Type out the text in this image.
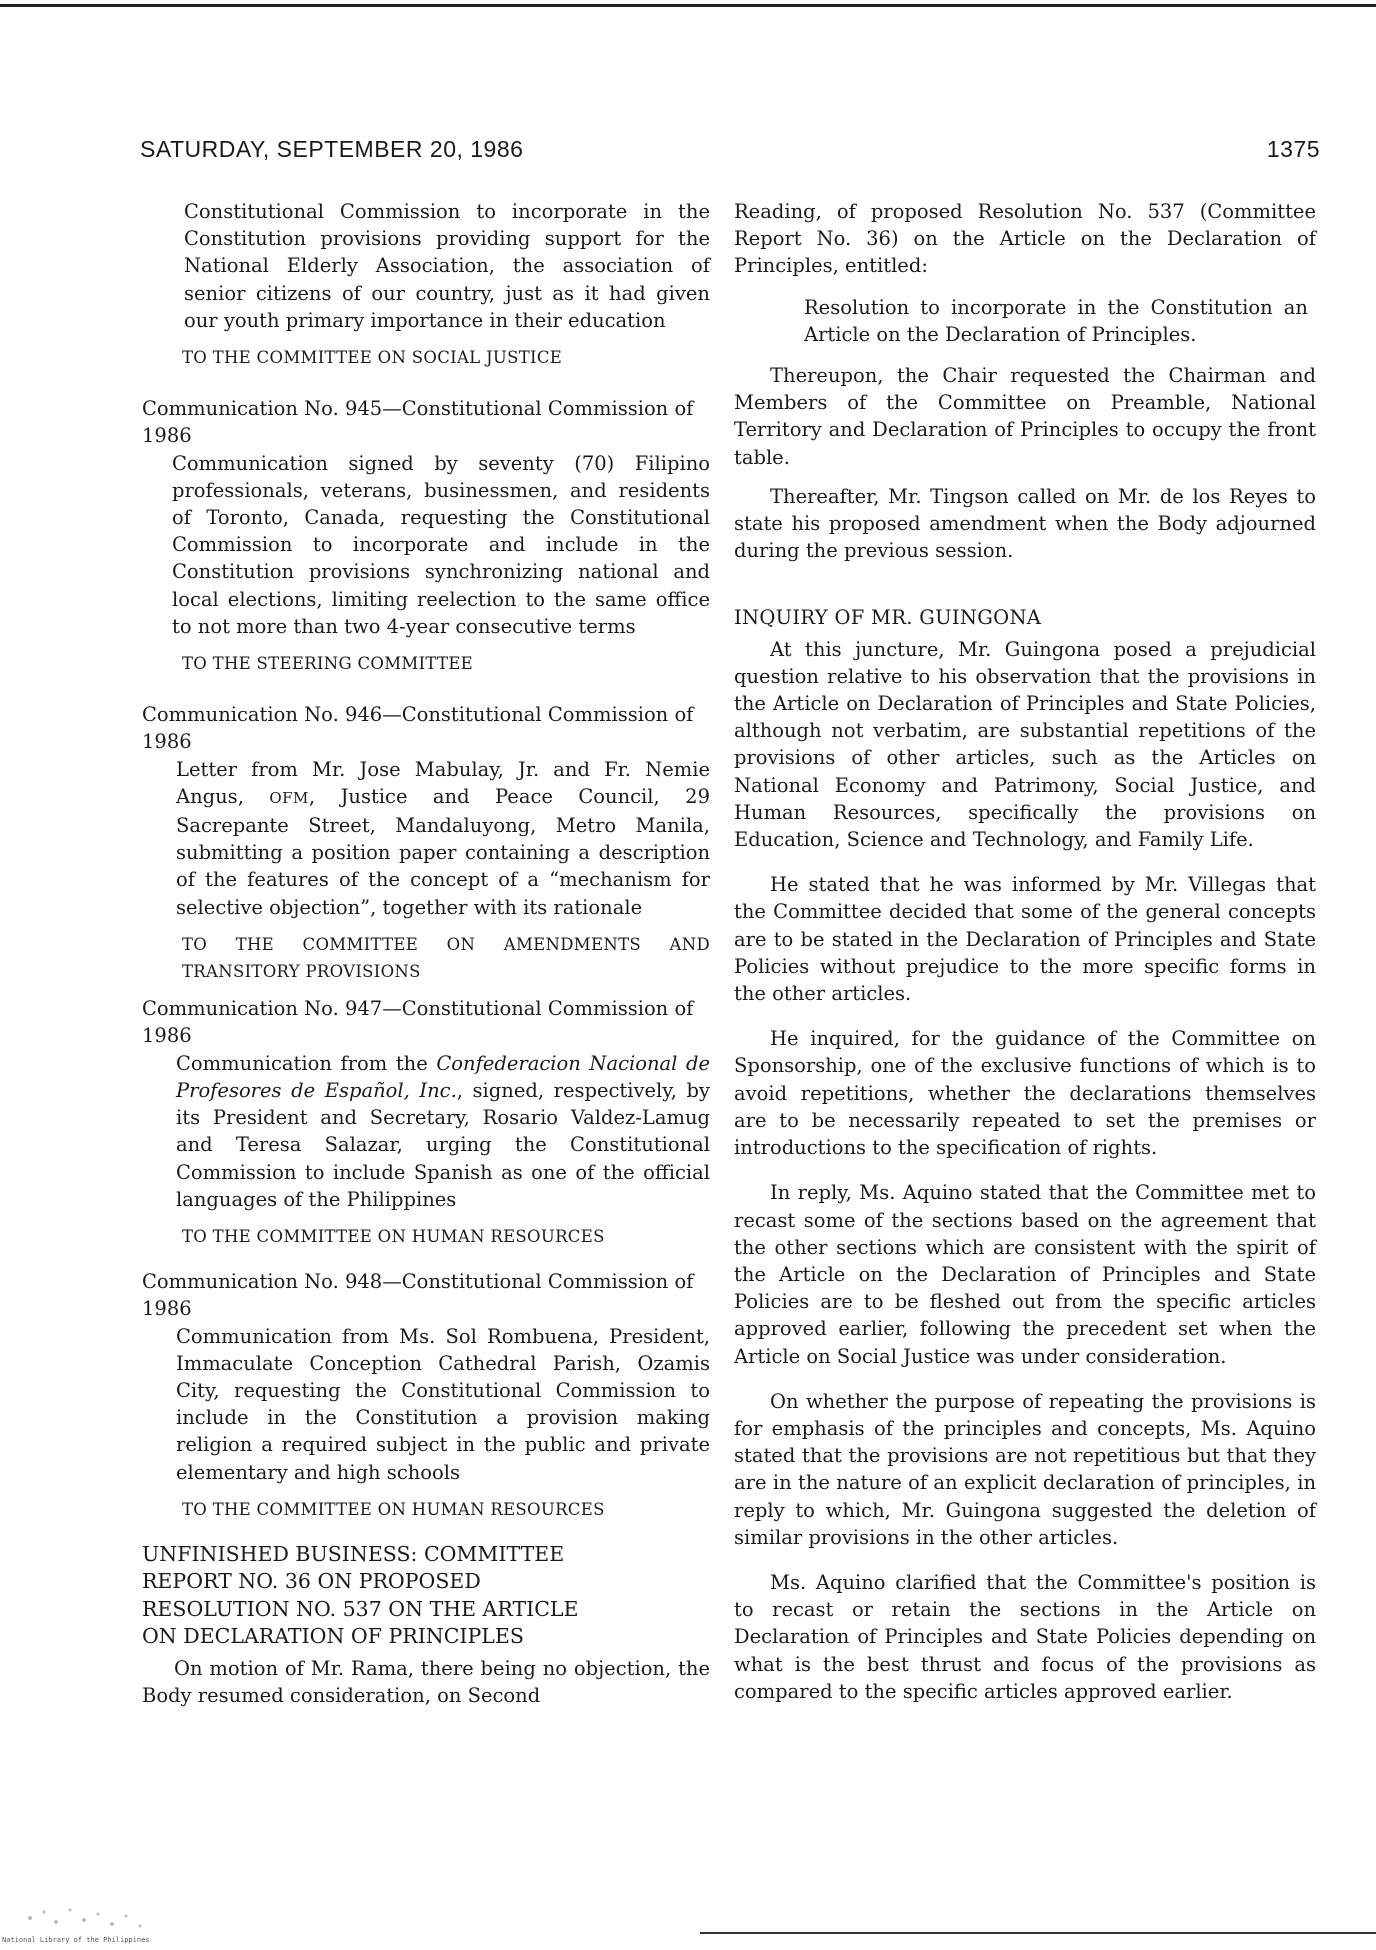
SATURDAY, SEPTEMBER 20, 1986	1375

Constitutional Commission to incorporate in the Constitution provisions providing support for the National Elderly Association, the association of senior citizens of our country, just as it had given our youth primary importance in their education

TO THE COMMITTEE ON SOCIAL JUSTICE

Communication No. 945—Constitutional Commission of 1986

Communication signed by seventy (70) Filipino professionals, veterans, businessmen, and residents of Toronto, Canada, requesting the Constitutional Commission to incorporate and include in the Constitution provisions synchronizing national and local elections, limiting reelection to the same office to not more than two 4-year consecutive terms

TO THE STEERING COMMITTEE

Communication No. 946—Constitutional Commission of 1986

Letter from Mr. Jose Mabulay, Jr. and Fr. Nemie Angus, OFM, Justice and Peace Council, 29 Sacrepante Street, Mandaluyong, Metro Manila, submitting a position paper containing a description of the features of the concept of a “mechanism for selective objection”, together with its rationale

TO THE COMMITTEE ON AMENDMENTS AND TRANSITORY PROVISIONS

Communication No. 947—Constitutional Commission of 1986

Communication from the Confederacion Nacional de Profesores de Español, Inc., signed, respectively, by its President and Secretary, Rosario Valdez-Lamug and Teresa Salazar, urging the Constitutional Commission to include Spanish as one of the official languages of the Philippines

TO THE COMMITTEE ON HUMAN RESOURCES

Communication No. 948—Constitutional Commission of 1986

Communication from Ms. Sol Rombuena, President, Immaculate Conception Cathedral Parish, Ozamis City, requesting the Constitutional Commission to include in the Constitution a provision making religion a required subject in the public and private elementary and high schools

TO THE COMMITTEE ON HUMAN RESOURCES

UNFINISHED BUSINESS: COMMITTEE REPORT NO. 36 ON PROPOSED RESOLUTION NO. 537 ON THE ARTICLE ON DECLARATION OF PRINCIPLES

On motion of Mr. Rama, there being no objection, the Body resumed consideration, on Second

Reading, of proposed Resolution No. 537 (Committee Report No. 36) on the Article on the Declaration of Principles, entitled:

Resolution to incorporate in the Constitution an Article on the Declaration of Principles.

Thereupon, the Chair requested the Chairman and Members of the Committee on Preamble, National Territory and Declaration of Principles to occupy the front table.

Thereafter, Mr. Tingson called on Mr. de los Reyes to state his proposed amendment when the Body adjourned during the previous session.

INQUIRY OF MR. GUINGONA

At this juncture, Mr. Guingona posed a prejudicial question relative to his observation that the provisions in the Article on Declaration of Principles and State Policies, although not verbatim, are substantial repetitions of the provisions of other articles, such as the Articles on National Economy and Patrimony, Social Justice, and Human Resources, specifically the provisions on Education, Science and Technology, and Family Life.

He stated that he was informed by Mr. Villegas that the Committee decided that some of the general concepts are to be stated in the Declaration of Principles and State Policies without prejudice to the more specific forms in the other articles.

He inquired, for the guidance of the Committee on Sponsorship, one of the exclusive functions of which is to avoid repetitions, whether the declarations themselves are to be necessarily repeated to set the premises or introductions to the specification of rights.

In reply, Ms. Aquino stated that the Committee met to recast some of the sections based on the agreement that the other sections which are consistent with the spirit of the Article on the Declaration of Principles and State Policies are to be fleshed out from the specific articles approved earlier, following the precedent set when the Article on Social Justice was under consideration.

On whether the purpose of repeating the provisions is for emphasis of the principles and concepts, Ms. Aquino stated that the provisions are not repetitious but that they are in the nature of an explicit declaration of principles, in reply to which, Mr. Guingona suggested the deletion of similar provisions in the other articles.

Ms. Aquino clarified that the Committee's position is to recast or retain the sections in the Article on Declaration of Principles and State Policies depending on what is the best thrust and focus of the provisions as compared to the specific articles approved earlier.

National Library of the Philippines
